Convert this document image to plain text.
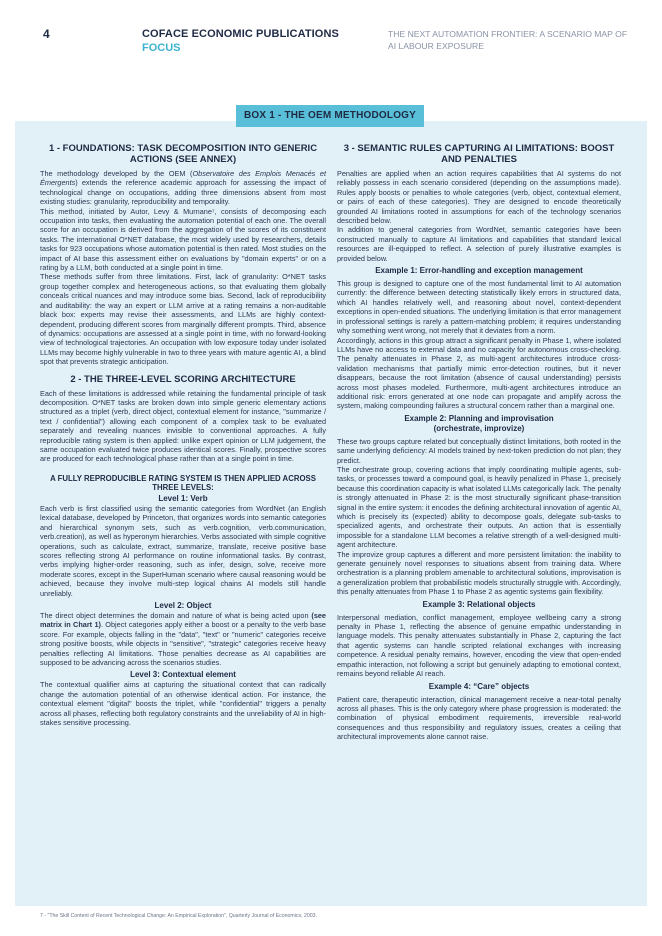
4	COFACE ECONOMIC PUBLICATIONS
FOCUS
THE NEXT AUTOMATION FRONTIER: A SCENARIO MAP OF AI LABOUR EXPOSURE
BOX 1 - THE OEM METHODOLOGY
1 - FOUNDATIONS: TASK DECOMPOSITION INTO GENERIC ACTIONS (SEE ANNEX)

The methodology developed by the OEM (Observatoire des Emplois Menacés et Émergents) extends the reference academic approach for assessing the impact of technological change on occupations, adding three dimensions absent from most existing studies: granularity, reproducibility and temporality.

This method, initiated by Autor, Levy & Murnane⁷, consists of decomposing each occupation into tasks, then evaluating the automation potential of each one. The overall score for an occupation is derived from the aggregation of the scores of its constituent tasks. The international O*NET database, the most widely used by researchers, details tasks for 923 occupations whose automation potential is then rated. Most studies on the impact of AI base this assessment either on evaluations by "domain experts" or on a rating by a LLM, both conducted at a single point in time.

These methods suffer from three limitations. First, lack of granularity: O*NET tasks group together complex and heterogeneous actions, so that evaluating them globally conceals critical nuances and may introduce some bias. Second, lack of reproducibility and auditability: the way an expert or LLM arrive at a rating remains a non-auditable black box: experts may revise their assessments, and LLMs are highly context-dependent, producing different scores from marginally different prompts. Third, absence of dynamics: occupations are assessed at a single point in time, with no forward-looking view of technological trajectories. An occupation with low exposure today under isolated LLMs may become highly vulnerable in two to three years with mature agentic AI, a blind spot that prevents strategic anticipation.

2 - THE THREE-LEVEL SCORING ARCHITECTURE

Each of these limitations is addressed while retaining the fundamental principle of task decomposition. O*NET tasks are broken down into simple generic elementary actions structured as a triplet (verb, direct object, contextual element for instance, "summarize / text / confidential") allowing each component of a complex task to be evaluated separately and revealing nuances invisible to conventional approaches. A fully reproducible rating system is then applied: unlike expert opinion or LLM judgement, the same occupation evaluated twice produces identical scores. Finally, prospective scores are produced for each technological phase rather than at a single point in time.

A FULLY REPRODUCIBLE RATING SYSTEM IS THEN APPLIED ACROSS THREE LEVELS:
Level 1: Verb

Each verb is first classified using the semantic categories from WordNet (an English lexical database, developed by Princeton, that organizes words into semantic categories and hierarchical synonym sets, such as verb.cognition, verb.communication, verb.creation), as well as hyperonym hierarchies. Verbs associated with simple cognitive operations, such as calculate, extract, summarize, translate, receive positive base scores reflecting strong AI performance on routine informational tasks. By contrast, verbs implying higher-order reasoning, such as infer, design, solve, receive more moderate scores, except in the SuperHuman scenario where causal reasoning would be achieved, because they involve multi-step logical chains AI models still handle unreliably.

Level 2: Object

The direct object determines the domain and nature of what is being acted upon (see matrix in Chart 1). Object categories apply either a boost or a penalty to the verb base score. For example, objects falling in the "data", "text" or "numeric" categories receive strong positive boosts, while objects in "sensitive", "strategic" categories receive heavy penalties reflecting AI limitations. Those penalties decrease as AI capabilities are supposed to be advancing across the scenarios studies.

Level 3: Contextual element

The contextual qualifier aims at capturing the situational context that can radically change the automation potential of an otherwise identical action. For instance, the contextual element "digital" boosts the triplet, while "confidential" triggers a penalty across all phases, reflecting both regulatory constraints and the unreliability of AI in high-stakes sensitive processing.

3 - SEMANTIC RULES CAPTURING AI LIMITATIONS: BOOST AND PENALTIES

Penalties are applied when an action requires capabilities that AI systems do not reliably possess in each scenario considered (depending on the assumptions made). Rules apply boosts or penalties to whole categories (verb, object, contextual element, or pairs of each of these categories). They are designed to encode theoretically grounded AI limitations rooted in assumptions for each of the technology scenarios described below.

In addition to general categories from WordNet, semantic categories have been constructed manually to capture AI limitations and capabilities that standard lexical resources are ill-equipped to reflect. A selection of purely illustrative examples is provided below.

Example 1: Error-handling and exception management

This group is designed to capture one of the most fundamental limit to AI automation currently: the difference between detecting statistically likely errors in structured data, which AI handles relatively well, and reasoning about novel, context-dependent exceptions in open-ended situations. The underlying limitation is that error management in professional settings is rarely a pattern-matching problem; it requires understanding why something went wrong, not merely that it deviates from a norm.

Accordingly, actions in this group attract a significant penalty in Phase 1, where isolated LLMs have no access to external data and no capacity for autonomous cross-checking. The penalty attenuates in Phase 2, as multi-agent architectures introduce cross-validation mechanisms that partially mimic error-detection routines, but it never disappears, because the root limitation (absence of causal understanding) persists across most phases modeled. Furthermore, multi-agent architectures introduce an additional risk: errors generated at one node can propagate and amplify across the system, making compounding failures a structural concern rather than a marginal one.

Example 2: Planning and improvisation
(orchestrate, improvize)

These two groups capture related but conceptually distinct limitations, both rooted in the same underlying deficiency: AI models trained by next-token prediction do not plan; they predict.

The orchestrate group, covering actions that imply coordinating multiple agents, sub-tasks, or processes toward a compound goal, is heavily penalized in Phase 1, precisely because this coordination capacity is what isolated LLMs categorically lack. The penalty is strongly attenuated in Phase 2: is the most structurally significant phase-transition signal in the entire system: it encodes the defining architectural innovation of agentic AI, which is precisely its (expected) ability to decompose goals, delegate sub-tasks to specialized agents, and orchestrate their outputs. An action that is essentially impossible for a standalone LLM becomes a relative strength of a well-designed multi-agent architecture.

The improvize group captures a different and more persistent limitation: the inability to generate genuinely novel responses to situations absent from training data. Where orchestration is a planning problem amenable to architectural solutions, improvisation is a generalization problem that probabilistic models structurally struggle with. Accordingly, this penalty attenuates from Phase 1 to Phase 2 as agentic systems gain flexibility.

Example 3: Relational objects

Interpersonal mediation, conflict management, employee wellbeing carry a strong penalty in Phase 1, reflecting the absence of genuine empathic understanding in language models. This penalty attenuates substantially in Phase 2, capturing the fact that agentic systems can handle scripted relational exchanges with increasing competence. A residual penalty remains, however, encoding the view that open-ended empathic interaction, not following a script but genuinely adapting to emotional context, remains beyond reliable AI reach.

Example 4: “Care” objects

Patient care, therapeutic interaction, clinical management receive a near-total penalty across all phases. This is the only category where phase progression is moderated: the combination of physical embodiment requirements, irreversible real-world consequences and thus responsibility and regulatory issues, creates a ceiling that architectural improvements alone cannot raise.

7 - "The Skill Content of Recent Technological Change: An Empirical Exploration", Quarterly Journal of Economics, 2003.
